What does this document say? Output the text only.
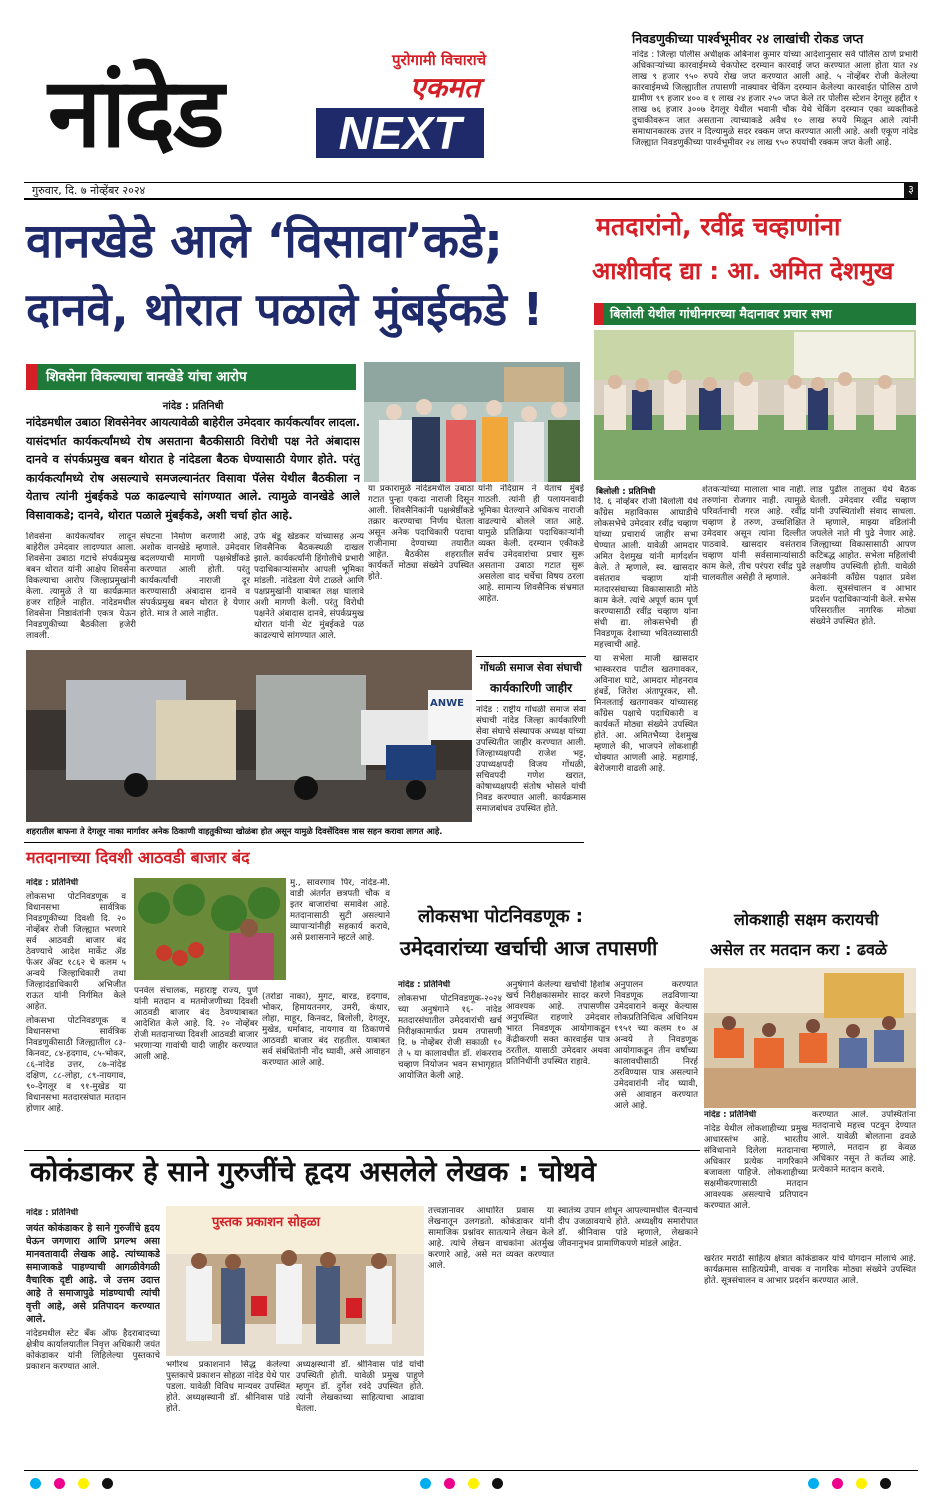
नांदेड	पुरोगामी विचाराचे
एकमत
NEXT
निवडणुकीच्या पार्श्वभूमीवर २४ लाखांची रोकड जप्त

नांदेड : जिल्हा पोलीस अधीक्षक अबिनाश कुमार यांच्या आदेशानुसार सर्व पोलिस ठाणे प्रभारी अधिकाऱ्यांच्या कारवाईमध्ये चेकपोस्ट दरम्यान कारवाई जप्त करण्यात आला होता यात २४ लाख ९ हजार ९५० रुपये रोख जप्त करण्यात आली आहे. ५ नोव्हेंबर रोजी केलेल्या कारवाईमध्ये जिल्ह्यातील तपासणी नाक्यावर चेकिंग दरम्यान केलेल्या कारवाईत पोलिस ठाणे ग्रामीण ९९ हजार ४०० व १ लाख २४ हजार २५० जप्त केले तर पोलीस स्टेशन देगलूर हद्दीत १ लाख ७६ हजार ३००७ देगलूर येथील भवानी चौक येथे चेकिंग दरम्यान एका व्यक्तीकडे दुचाकीवरून जात असताना त्याच्याकडे अवैध १० लाख रुपये मिळून आले त्यांनी समाधानकारक उत्तर न दिल्यामुळे सदर रक्कम जप्त करण्यात आली आहे. अशी एकूण नांदेड जिल्ह्यात निवडणुकीच्या पार्श्वभूमीवर २४ लाख ९५० रुपयांची रक्कम जप्त केली आहे.

गुरुवार, दि. ७ नोव्हेंबर २०२४	३
वानखेडे आले ‘विसावा’कडे;
दानवे, थोरात पळाले मुंबईकडे !
मतदारांनो, रवींद्र चव्हाणांना
आशीर्वाद द्या : आ. अमित देशमुख
बिलोली येथील गांधीनगरच्या मैदानावर प्रचार सभा
शिवसेना विकल्याचा वानखेडे यांचा आरोप
नांदेड : प्रतिनिधी

नांदेडमधील उबाठा शिवसेनेवर आयत्यावेळी बाहेरील उमेदवार कार्यकर्त्यांवर लादला. यासंदर्भात कार्यकर्त्यांमध्ये रोष असताना बैठकीसाठी विरोधी पक्ष नेते अंबादास दानवे व संपर्कप्रमुख बबन थोरात हे नांदेडला बैठक घेण्यासाठी येणार होते. परंतु कार्यकर्त्यांमध्ये रोष असल्याचे समजल्यानंतर विसावा पॅलेस येथील बैठकीला न येताच त्यांनी मुंबईकडे पळ काढल्याचे सांगण्यात आले. त्यामुळे वानखेडे आले विसावाकडे; दानवे, थोरात पळाले मुंबईकडे, अशी चर्चा होत आहे.

शिवसेना कार्यकर्त्यांवर लादून बाहेरील उमेदवार लादण्यात आला. शिवसेना उबाठा गटाचे संपर्कप्रमुख बबन थोरात यांनी आक्षेप शिवसेना विकल्याचा आरोप जिल्हाप्रमुखांनी केला. त्यामुळे ते या कार्यक्रमात हजर राहिले नाहीत. नांदेडमधील शिवसेना निष्ठावंतांनी एकत्र येऊन निवडणुकीच्या बैठकीला हजेरी लावली.

संघटना निर्माण करणारी आहे, अशोक वानखेडे म्हणाले. उमेदवार बदलण्याची मागणी पक्षश्रेष्ठींकडे करण्यात आली होती. परंतु कार्यकर्त्यांची नाराजी दूर करण्यासाठी अंबादास दानवे व संपर्कप्रमुख बबन थोरात हे येणार होते. मात्र ते आले नाहीत.

उर्फ बंडू खेडकर यांच्यासह अन्य शिवसैनिक बैठकस्थळी दाखल झाले. कार्यकर्त्यांनी हिंगोलीचे प्रभारी पदाधिकाऱ्यांसमोर आपली भूमिका मांडली. नांदेडला येणे टाळले आणि पक्षप्रमुखांनी याबाबत लक्ष घालावे अशी मागणी केली. परंतु विरोधी पक्षनेते अंबादास दानवे, संपर्कप्रमुख थोरात यांनी थेट मुंबईकडे पळ काढल्याचे सांगण्यात आले.

या प्रकारामुळे नांदेडमधील उबाठा गटात पुन्हा एकदा नाराजी दिसून आली. शिवसैनिकांनी पक्षश्रेष्ठींकडे तक्रार करण्याचा निर्णय घेतला असून अनेक पदाधिकारी पदाचा राजीनामा देण्याच्या तयारीत आहेत. बैठकीस शहरातील कार्यकर्ते मोठ्या संख्येने उपस्थित होते.

यांनी नंदिग्राम ने येताच मुंबई गाठली. त्यांनी ही पलायनवादी भूमिका घेतल्याने अधिकच नाराजी वाढल्याचे बोलले जात आहे. यामुळे प्रतिक्रिया पदाधिकाऱ्यांनी व्यक्त केली. दरम्यान एकीकडे सर्वच उमेदवारांचा प्रचार सुरू असताना उबाठा गटात सुरू असलेला वाद चर्चेचा विषय ठरला आहे. सामान्य शिवसैनिक संभ्रमात आहेत.

गोंधळी समाज सेवा संघाची
कार्यकारिणी जाहीर

नांदेड : राष्ट्रीय गोंधळी समाज सेवा संघाची नांदेड जिल्हा कार्यकारिणी सेवा संघाचे संस्थापक अध्यक्ष यांच्या उपस्थितीत जाहीर करण्यात आली. जिल्हाध्यक्षपदी राजेश भट्ट, उपाध्यक्षपदी विजय गोंधळी, सचिवपदी गणेश खरात, कोषाध्यक्षपदी संतोष भोसले यांची निवड करण्यात आली. कार्यक्रमास समाजबांधव उपस्थित होते.

ANWE
शहरातील बाफना ते देगलूर नाका मार्गावर अनेक ठिकाणी वाहतुकीच्या खोळंबा होत असून यामुळे दिवसेंदिवस त्रास सहन करावा लागत आहे.
बिलोली : प्रतिनिधी

दि. ६ नोव्हेंबर रोजी बिलोली येथे काँग्रेस महाविकास आघाडीचे लोकसभेचे उमेदवार रवींद्र चव्हाण यांच्या प्रचारार्थ जाहीर सभा घेण्यात आली. यावेळी आमदार अमित देशमुख यांनी मार्गदर्शन केले. ते म्हणाले, स्व. खासदार वसंतराव चव्हाण यांनी मतदारसंघाच्या विकासासाठी मोठे काम केले. त्यांचे अपूर्ण काम पूर्ण करण्यासाठी रवींद्र चव्हाण यांना संधी द्या. लोकसभेची ही निवडणूक देशाच्या भवितव्यासाठी महत्त्वाची आहे.

या सभेला माजी खासदार भास्करराव पाटील खतगावकर, अविनाश घाटे, आमदार मोहनराव हंबर्डे, जितेश अंतापूरकर, सौ. मिनलताई खतगावकर यांच्यासह काँग्रेस पक्षाचे पदाधिकारी व कार्यकर्ते मोठ्या संख्येने उपस्थित होते. आ. अमितभैय्या देशमुख म्हणाले की, भाजपने लोकशाही धोक्यात आणली आहे. महागाई, बेरोजगारी वाढली आहे.

शेतकऱ्यांच्या मालाला भाव नाही. तरुणांना रोजगार नाही. त्यामुळे परिवर्तनाची गरज आहे. रवींद्र चव्हाण हे तरुण, उच्चशिक्षित उमेदवार असून त्यांना दिल्लीत पाठवावे. खासदार वसंतराव चव्हाण यांनी सर्वसामान्यांसाठी काम केले, तीच परंपरा रवींद्र पुढे चालवतील असेही ते म्हणाले.

लाड पुढील तालुका येथे बैठक घेतली. उमेदवार रवींद्र चव्हाण यांनी उपस्थितांशी संवाद साधला. ते म्हणाले, माझ्या वडिलांनी जपलेले नाते मी पुढे नेणार आहे. जिल्ह्याच्या विकासासाठी आपण कटिबद्ध आहोत. सभेला महिलांची लक्षणीय उपस्थिती होती. यावेळी अनेकांनी काँग्रेस पक्षात प्रवेश केला. सूत्रसंचालन व आभार प्रदर्शन पदाधिकाऱ्यांनी केले. सभेस परिसरातील नागरिक मोठ्या संख्येने उपस्थित होते.

मतदानाच्या दिवशी आठवडी बाजार बंद

नांदेड : प्रतिनिधी

लोकसभा पोटनिवडणूक व विधानसभा सार्वत्रिक निवडणूकीच्या दिवशी दि. २० नोव्हेंबर रोजी जिल्ह्यात भरणारे सर्व आठवडी बाजार बंद ठेवण्याचे आदेश मार्केट ॲड फेअर ॲक्ट १८६२ चे कलम ५ अन्वये जिल्हाधिकारी तथा जिल्हादंडाधिकारी अभिजीत राऊत यांनी निर्गमित केले आहेत.

लोकसभा पोटनिवडणूक व विधानसभा सार्वत्रिक निवडणुकीसाठी जिल्ह्यातील ८३-किनवट, ८४-हदगाव, ८५-भोकर, ८६-नांदेड उत्तर, ८७-नांदेड दक्षिण, ८८-लोहा, ८९-नायगाव, ९०-देगलूर व ९१-मुखेड या विधानसभा मतदारसंघात मतदान होणार आहे.

मु., सावरगाव पिर, नांदेड-मी. वाडी अंतर्गत छत्रपती चौक व इतर बाजारांचा समावेश आहे. मतदानासाठी सुटी असल्याने व्यापाऱ्यांनीही सहकार्य करावे, असे प्रशासनाने म्हटले आहे.

पनवेल संचालक, महाराष्ट्र राज्य, पुणे यांनी मतदान व मतमोजणीच्या दिवशी आठवडी बाजार बंद ठेवण्याबाबत आदेशित केले आहे. दि. २० नोव्हेंबर रोजी मतदानाच्या दिवशी आठवडी बाजार भरणाऱ्या गावांची यादी जाहीर करण्यात आली आहे.

(तरोडा नाका), मुगट, बारड, हदगाव, भोकर, हिमायतनगर, उमरी, कंधार, लोहा, माहूर, किनवट, बिलोली, देगलूर, मुखेड, धर्माबाद, नायगाव या ठिकाणचे आठवडी बाजार बंद राहतील. याबाबत सर्व संबंधितांनी नोंद घ्यावी, असे आवाहन करण्यात आले आहे.

लोकसभा पोटनिवडणूक :
उमेदवारांच्या खर्चाची आज तपासणी

नांदेड : प्रतिनिधी

लोकसभा पोटनिवडणूक-२०२४ च्या अनुषंगाने १६- नांदेड मतदारसंघातील उमेदवारांची खर्च निरीक्षकामार्फत प्रथम तपासणी दि. ७ नोव्हेंबर रोजी सकाळी १० ते ५ या कालावधीत डॉ. शंकरराव चव्हाण नियोजन भवन सभागृहात आयोजित केली आहे.

अनुषंगाने केलेल्या खर्चाची हिशोब खर्च निरीक्षकासमोर सादर करणे आवश्यक आहे. तपासणीस अनुपस्थित राहणारे उमेदवार भारत निवडणूक आयोगाकडून केंद्रीकरणी सक्त कारवाईस पात्र ठरतील. यासाठी उमेदवार अथवा प्रतिनिधींनी उपस्थित राहावे.

अनुपालन करण्यात निवडणूक लढविणाऱ्या उमेदवाराने कसूर केल्यास लोकप्रतिनिधित्व अधिनियम १९५१ च्या कलम १० अ अन्वये ते निवडणूक आयोगाकडून तीन वर्षांच्या कालावधीसाठी निरर्ह ठरविण्यास पात्र असल्याने उमेदवारांनी नोंद घ्यावी, असे आवाहन करण्यात आले आहे.

लोकशाही सक्षम करायची
असेल तर मतदान करा : ढवळे

नांदेड : प्रतिनिधी

नांदेड येथील लोकशाहीच्या प्रमुख आधारस्तंभ आहे. भारतीय संविधानाने दिलेला मतदानाचा अधिकार प्रत्येक नागरिकाने बजावला पाहिजे. लोकशाहीच्या सक्षमीकरणासाठी मतदान आवश्यक असल्याचे प्रतिपादन करण्यात आले.

करण्यात आले. उपस्थितांना मतदानाचे महत्त्व पटवून देण्यात आले. यावेळी बोलताना ढवळे म्हणाले, मतदान हा केवळ अधिकार नसून ते कर्तव्य आहे. प्रत्येकाने मतदान करावे.

कोकंडाकर हे साने गुरुजींचे हृदय असलेले लेखक : चोथवे

नांदेड : प्रतिनिधी

जयंत कोकंडाकर हे साने गुरुजींचे हृदय घेऊन जगणारा आणि प्रगल्भ असा मानवतावादी लेखक आहे. त्यांच्याकडे समाजाकडे पाहण्याची आगळीवेगळी वैचारिक दृष्टी आहे. जे उत्तम उदात्त आहे ते समाजापुढे मांडण्याची त्यांची वृत्ती आहे, असे प्रतिपादन करण्यात आले.

नांदेडमधील स्टेट बँक ऑफ हैदराबादच्या क्षेत्रीय कार्यालयातील निवृत्त अधिकारी जयंत कोकंडाकर यांनी लिहिलेल्या पुस्तकाचे प्रकाशन करण्यात आले.

पुस्तक प्रकाशन सोहळा

भगीरथ प्रकाशनाने सिद्ध केलेल्या पुस्तकाचे प्रकाशन सोहळा नांदेड येथे पार पडला. यावेळी विविध मान्यवर उपस्थित होते. अध्यक्षस्थानी डॉ. श्रीनिवास पांडे होते.

अध्यक्षस्थानी डॉ. श्रीनिवास पांडे यांची उपस्थिती होती. यावेळी प्रमुख पाहुणे म्हणून डॉ. दुर्गेश रवंदे उपस्थित होते. त्यांनी लेखकाच्या साहित्याचा आढावा घेतला.

तत्त्वज्ञानावर आधारित प्रवास या लेखनातून उलगडतो. कोकंडाकर यांनी सामाजिक प्रश्नांवर सातत्याने लेखन केले आहे. त्यांचे लेखन वाचकांना अंतर्मुख करणारे आहे, असे मत व्यक्त करण्यात आले.

स्वातंत्र्य उपान शोधून आपल्यामधील चैतन्याचे दीप उजळावयाचे होते. अध्यक्षीय समारोपात डॉ. श्रीनिवास पांडे म्हणाले, लेखकाने जीवनानुभव प्रामाणिकपणे मांडले आहेत.

खरंतर मराठी साहित्य क्षेत्रात कोकंडाकर यांचे योगदान मोलाचे आहे. कार्यक्रमास साहित्यप्रेमी, वाचक व नागरिक मोठ्या संख्येने उपस्थित होते. सूत्रसंचालन व आभार प्रदर्शन करण्यात आले.
